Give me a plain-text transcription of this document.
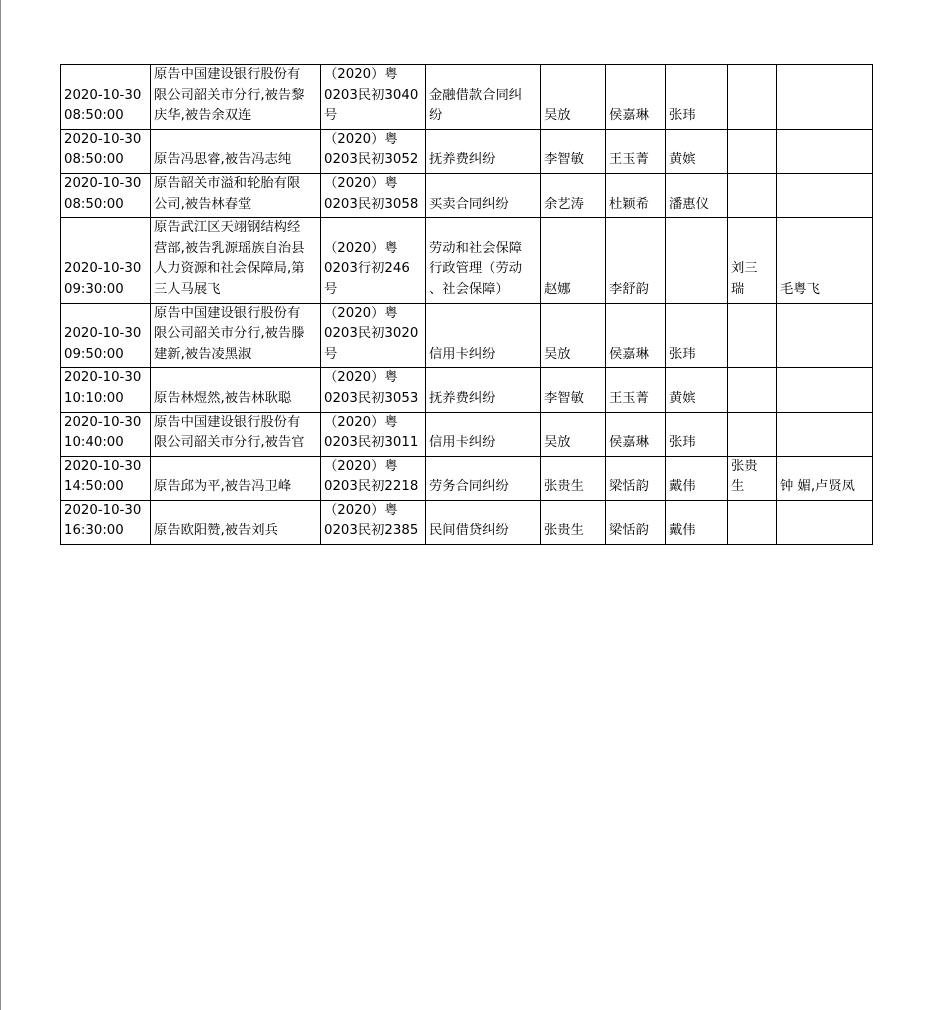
2020-10-30
08:50:00	原告中国建设银行股份有
限公司韶关市分行,被告黎
庆华,被告余双连	（2020）粤
0203民初3040
号	金融借款合同纠
纷	吴放	侯嘉琳	张玮		
2020-10-30
08:50:00	原告冯思睿,被告冯志纯	（2020）粤
0203民初3052	抚养费纠纷	李智敏	王玉菁	黄嫔		
2020-10-30
08:50:00	原告韶关市溢和轮胎有限
公司,被告林春堂	（2020）粤
0203民初3058	买卖合同纠纷	余艺涛	杜颖希	潘惠仪		
2020-10-30
09:30:00	原告武江区天翊钢结构经
营部,被告乳源瑶族自治县
人力资源和社会保障局,第
三人马展飞	（2020）粤
0203行初246
号	劳动和社会保障
行政管理（劳动
、社会保障）	赵娜	李舒韵		刘三
瑞	毛粤飞
2020-10-30
09:50:00	原告中国建设银行股份有
限公司韶关市分行,被告滕
建新,被告凌黑淑	（2020）粤
0203民初3020
号	信用卡纠纷	吴放	侯嘉琳	张玮		
2020-10-30
10:10:00	原告林煜然,被告林耿聪	（2020）粤
0203民初3053	抚养费纠纷	李智敏	王玉菁	黄嫔		
2020-10-30
10:40:00	原告中国建设银行股份有
限公司韶关市分行,被告官	（2020）粤
0203民初3011	信用卡纠纷	吴放	侯嘉琳	张玮		
2020-10-30
14:50:00	原告邱为平,被告冯卫峰	（2020）粤
0203民初2218	劳务合同纠纷	张贵生	梁恬韵	戴伟	张贵
生	钟 媚,卢贤凤
2020-10-30
16:30:00	原告欧阳赞,被告刘兵	（2020）粤
0203民初2385	民间借贷纠纷	张贵生	梁恬韵	戴伟		
